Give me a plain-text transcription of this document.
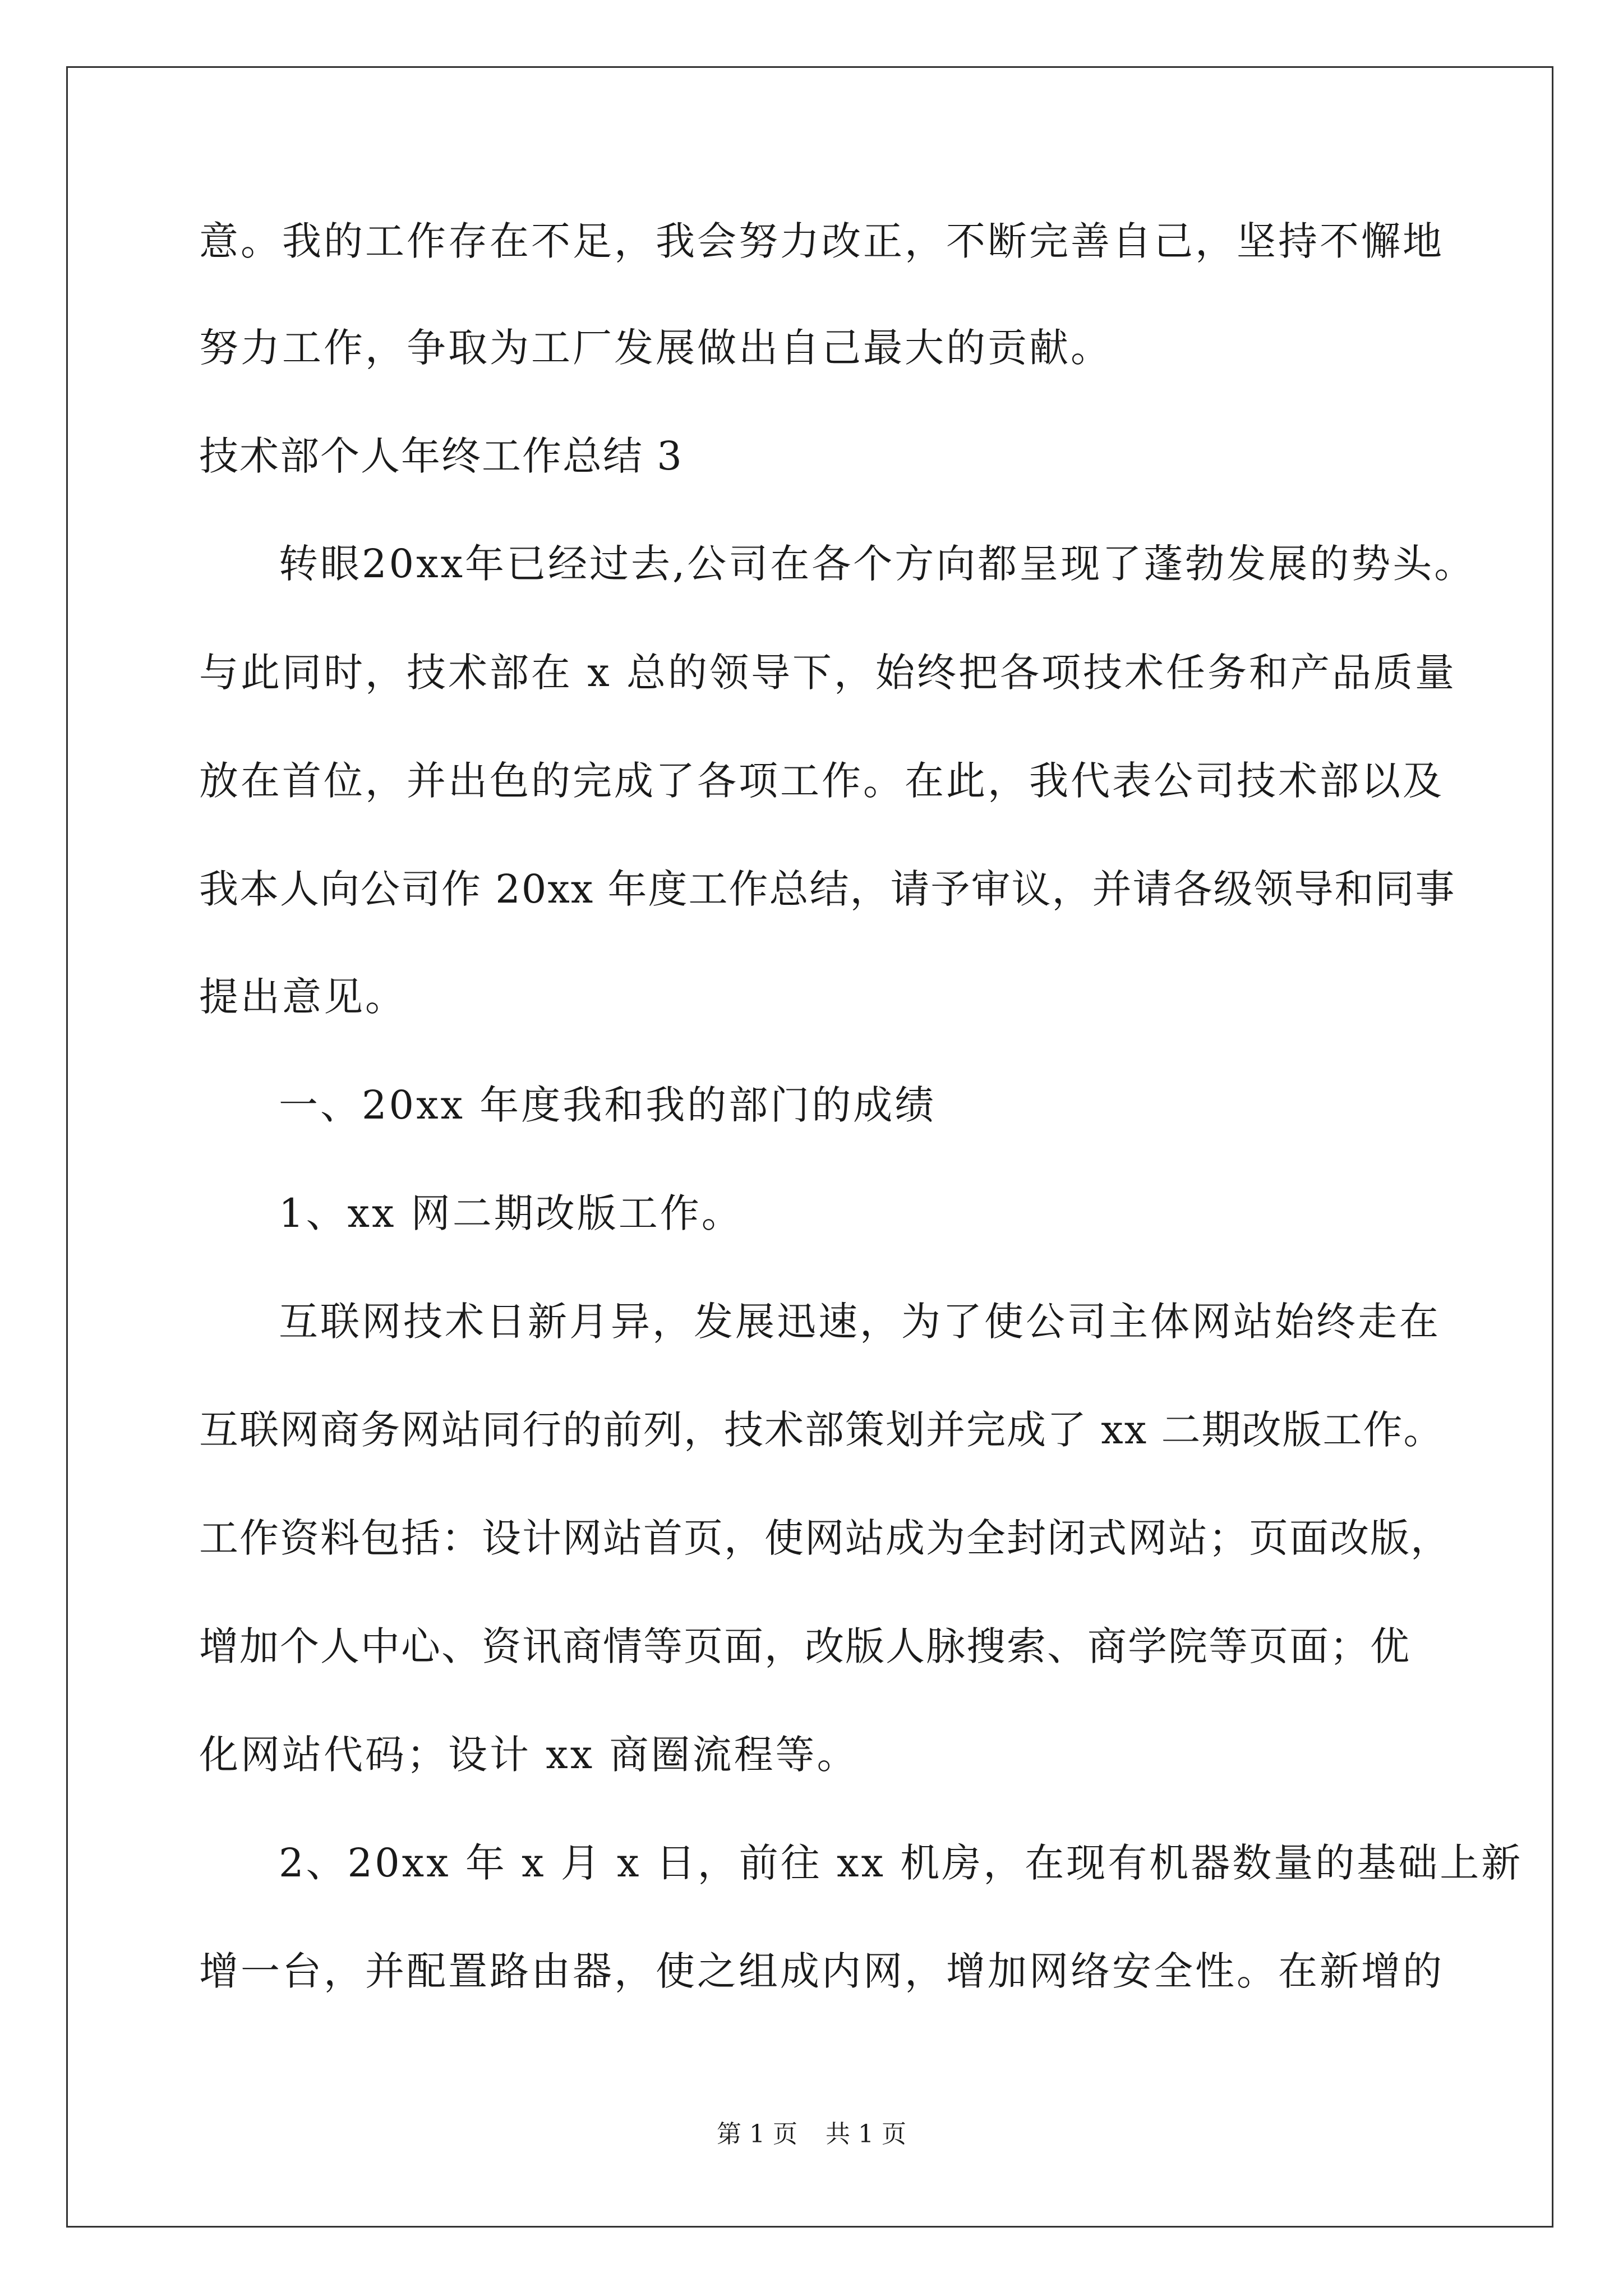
意。我的工作存在不足，我会努力改正，不断完善自己，坚持不懈地
努力工作，争取为工厂发展做出自己最大的贡献。
技术部个人年终工作总结 3
转眼20xx年已经过去,公司在各个方向都呈现了蓬勃发展的势头。
与此同时，技术部在 x 总的领导下，始终把各项技术任务和产品质量
放在首位，并出色的完成了各项工作。在此，我代表公司技术部以及
我本人向公司作 20xx 年度工作总结，请予审议，并请各级领导和同事
提出意见。
一、20xx 年度我和我的部门的成绩
1、xx 网二期改版工作。
互联网技术日新月异，发展迅速，为了使公司主体网站始终走在
互联网商务网站同行的前列，技术部策划并完成了 xx 二期改版工作。
工作资料包括：设计网站首页，使网站成为全封闭式网站；页面改版，
增加个人中心、资讯商情等页面，改版人脉搜索、商学院等页面；优
化网站代码；设计 xx 商圈流程等。
2、20xx 年 x 月 x 日，前往 xx 机房，在现有机器数量的基础上新
增一台，并配置路由器，使之组成内网，增加网络安全性。在新增的
第 1 页 共 1 页
